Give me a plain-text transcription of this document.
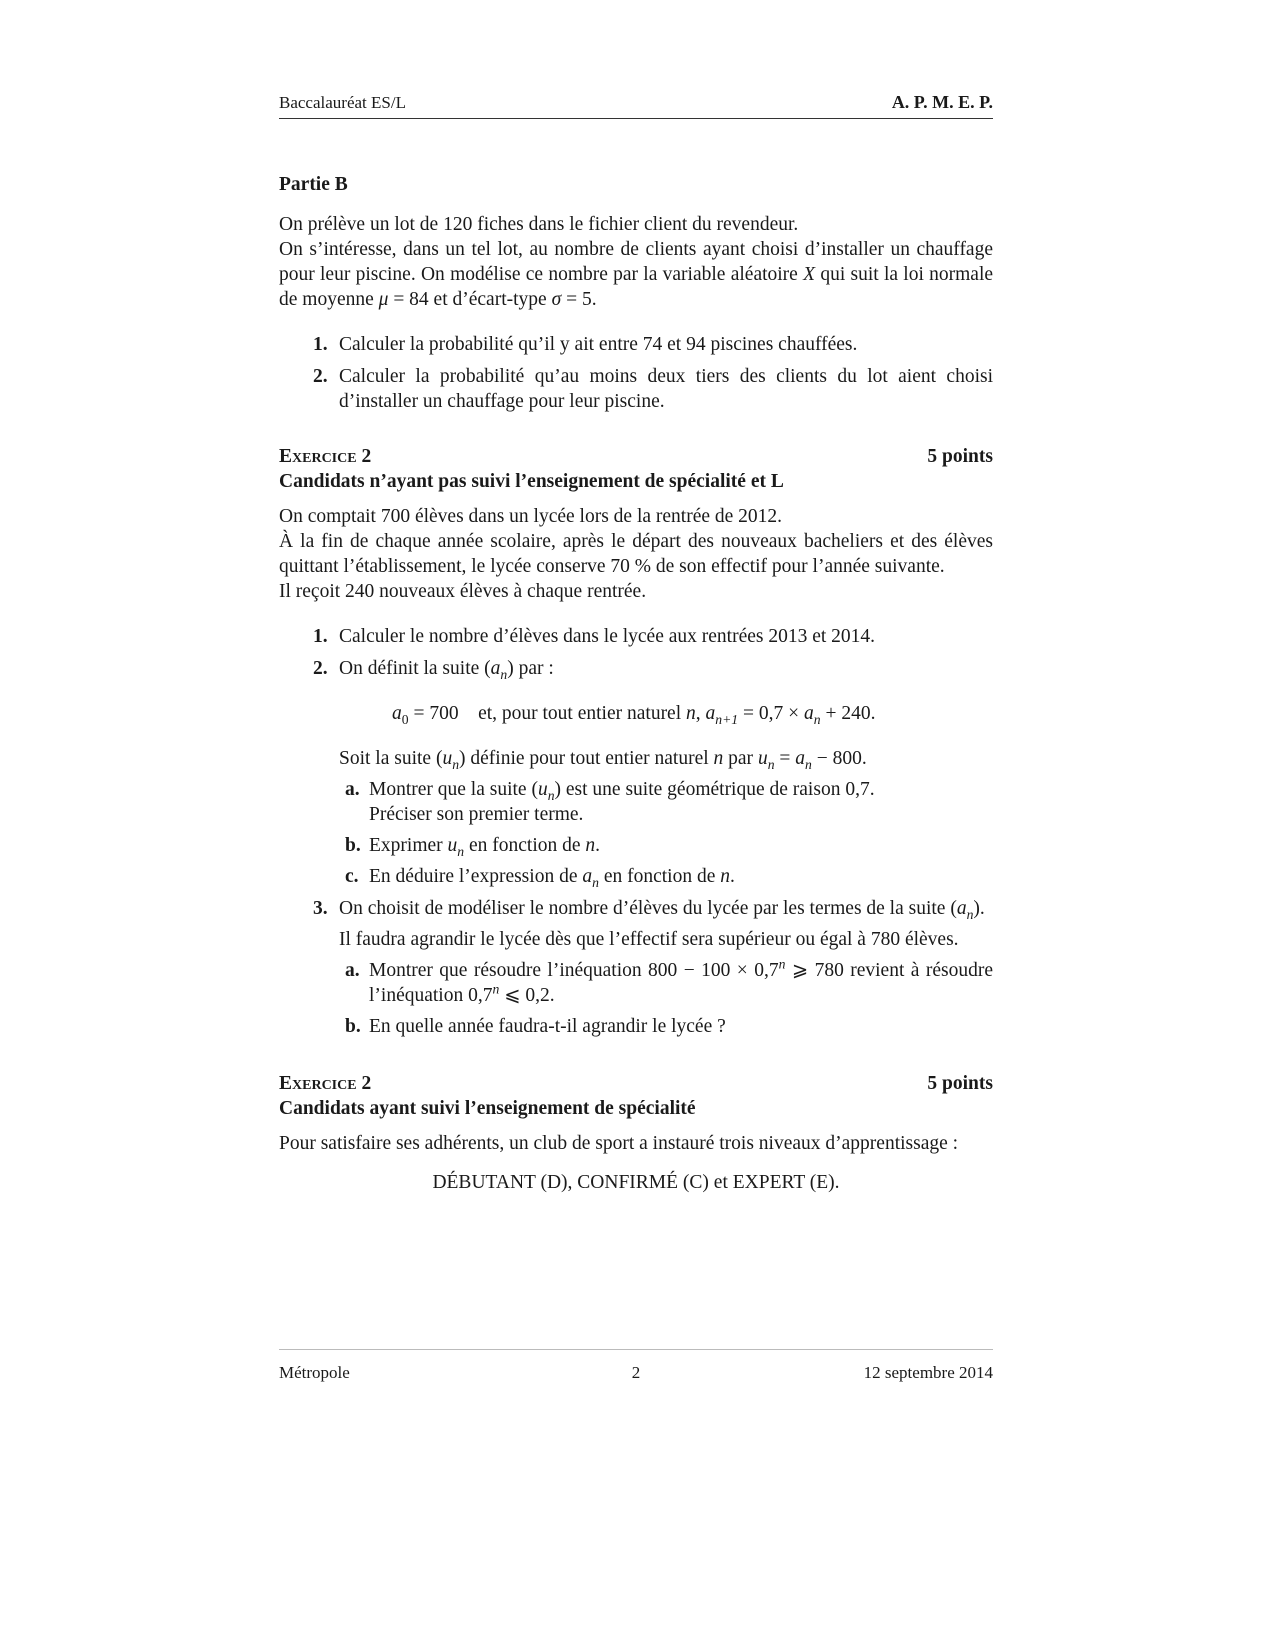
Baccalauréat ES/L	A. P. M. E. P.

Partie B

On prélève un lot de 120 fiches dans le fichier client du revendeur.

On s’intéresse, dans un tel lot, au nombre de clients ayant choisi d’installer un chauffage pour leur piscine. On modélise ce nombre par la variable aléatoire X qui suit la loi normale de moyenne μ = 84 et d’écart-type σ = 5.

1. Calculer la probabilité qu’il y ait entre 74 et 94 piscines chauffées.
2. Calculer la probabilité qu’au moins deux tiers des clients du lot aient choisi d’installer un chauffage pour leur piscine.
Exercice 2	5 points

Candidats n’ayant pas suivi l’enseignement de spécialité et L

On comptait 700 élèves dans un lycée lors de la rentrée de 2012.

À la fin de chaque année scolaire, après le départ des nouveaux bacheliers et des élèves quittant l’établissement, le lycée conserve 70 % de son effectif pour l’année suivante.

Il reçoit 240 nouveaux élèves à chaque rentrée.

1. Calculer le nombre d’élèves dans le lycée aux rentrées 2013 et 2014.
2. On définit la suite $(a_n)$ par :
$a_0 = 700$    et, pour tout entier naturel n, $a_{n+1} = 0,7 \times a_n + 240$.

Soit la suite $(u_n)$ définie pour tout entier naturel n par $u_n = a_n - 800$.

a. Montrer que la suite $(u_n)$ est une suite géométrique de raison 0,7.
Préciser son premier terme.
b. Exprimer $u_n$ en fonction de n.
c. En déduire l’expression de $a_n$ en fonction de n.
3. On choisit de modéliser le nombre d’élèves du lycée par les termes de la suite $(a_n)$.

Il faudra agrandir le lycée dès que l’effectif sera supérieur ou égal à 780 élèves.

a. Montrer que résoudre l’inéquation $800 - 100 \times 0,7^n$ ⩾ 780 revient à résoudre l’inéquation 0,7$^n$ ⩽ 0,2.
b. En quelle année faudra-t-il agrandir le lycée ?
Exercice 2	5 points

Candidats ayant suivi l’enseignement de spécialité

Pour satisfaire ses adhérents, un club de sport a instauré trois niveaux d’apprentissage :

DÉBUTANT (D), CONFIRMÉ (C) et EXPERT (E).

Métropole	2	12 septembre 2014
